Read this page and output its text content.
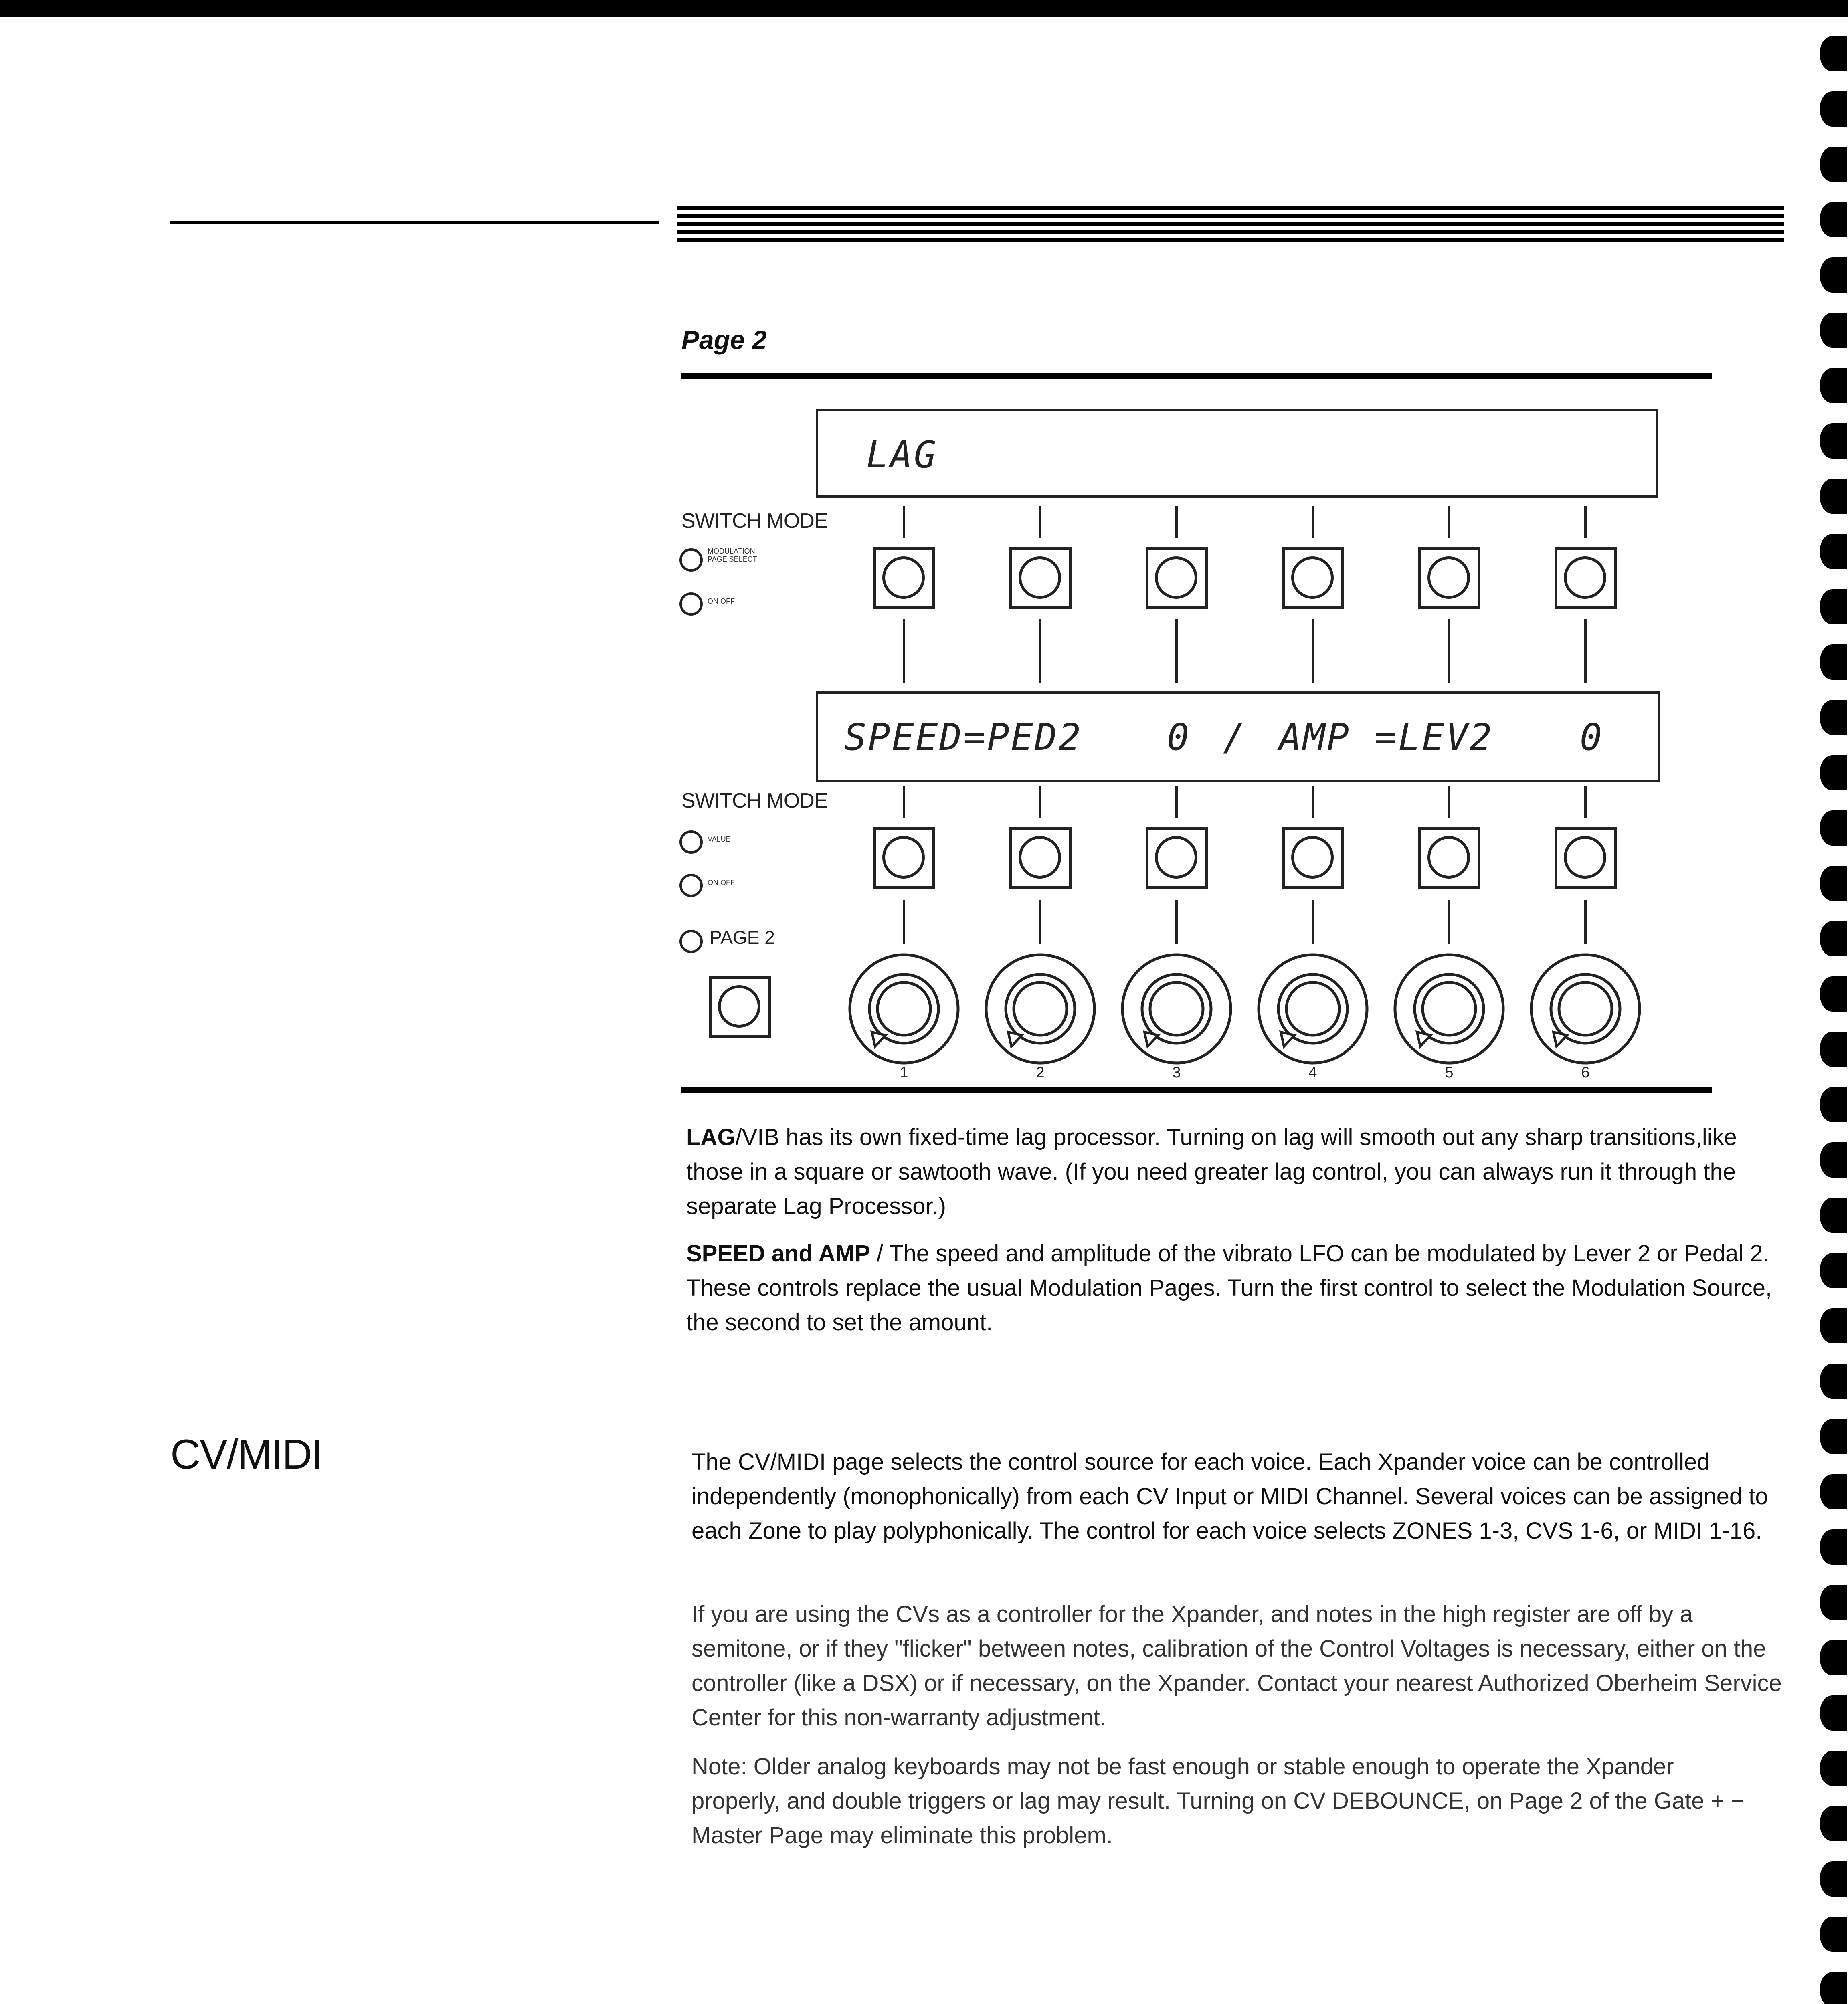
Page 2
LAG
SWITCH MODE
MODULATION PAGE SELECT
ON OFF
SPEED=PED2 0 / AMP =LEV2 0
SWITCH MODE
VALUE
ON OFF
PAGE 2
LAG/VIB has its own fixed-time lag processor. Turning on lag will smooth out any sharp transitions,like those in a square or sawtooth wave. (If you need greater lag control, you can always run it through the separate Lag Processor.)
SPEED and AMP / The speed and amplitude of the vibrato LFO can be modulated by Lever 2 or Pedal 2. These controls replace the usual Modulation Pages. Turn the first control to select the Modulation Source, the second to set the amount.
CV/MIDI	The CV/MIDI page selects the control source for each voice. Each Xpander voice can be controlled independently (monophonically) from each CV Input or MIDI Channel. Several voices can be assigned to each Zone to play polyphonically. The control for each voice selects ZONES 1-3, CVS 1-6, or MIDI 1-16.
If you are using the CVs as a controller for the Xpander, and notes in the high register are off by a semitone, or if they "flicker" between notes, calibration of the Control Voltages is necessary, either on the controller (like a DSX) or if necessary, on the Xpander. Contact your nearest Authorized Oberheim Service Center for this non-warranty adjustment.
Note: Older analog keyboards may not be fast enough or stable enough to operate the Xpander properly, and double triggers or lag may result. Turning on CV DEBOUNCE, on Page 2 of the Gate + − Master Page may eliminate this problem.
1	2	3	4	5	6
